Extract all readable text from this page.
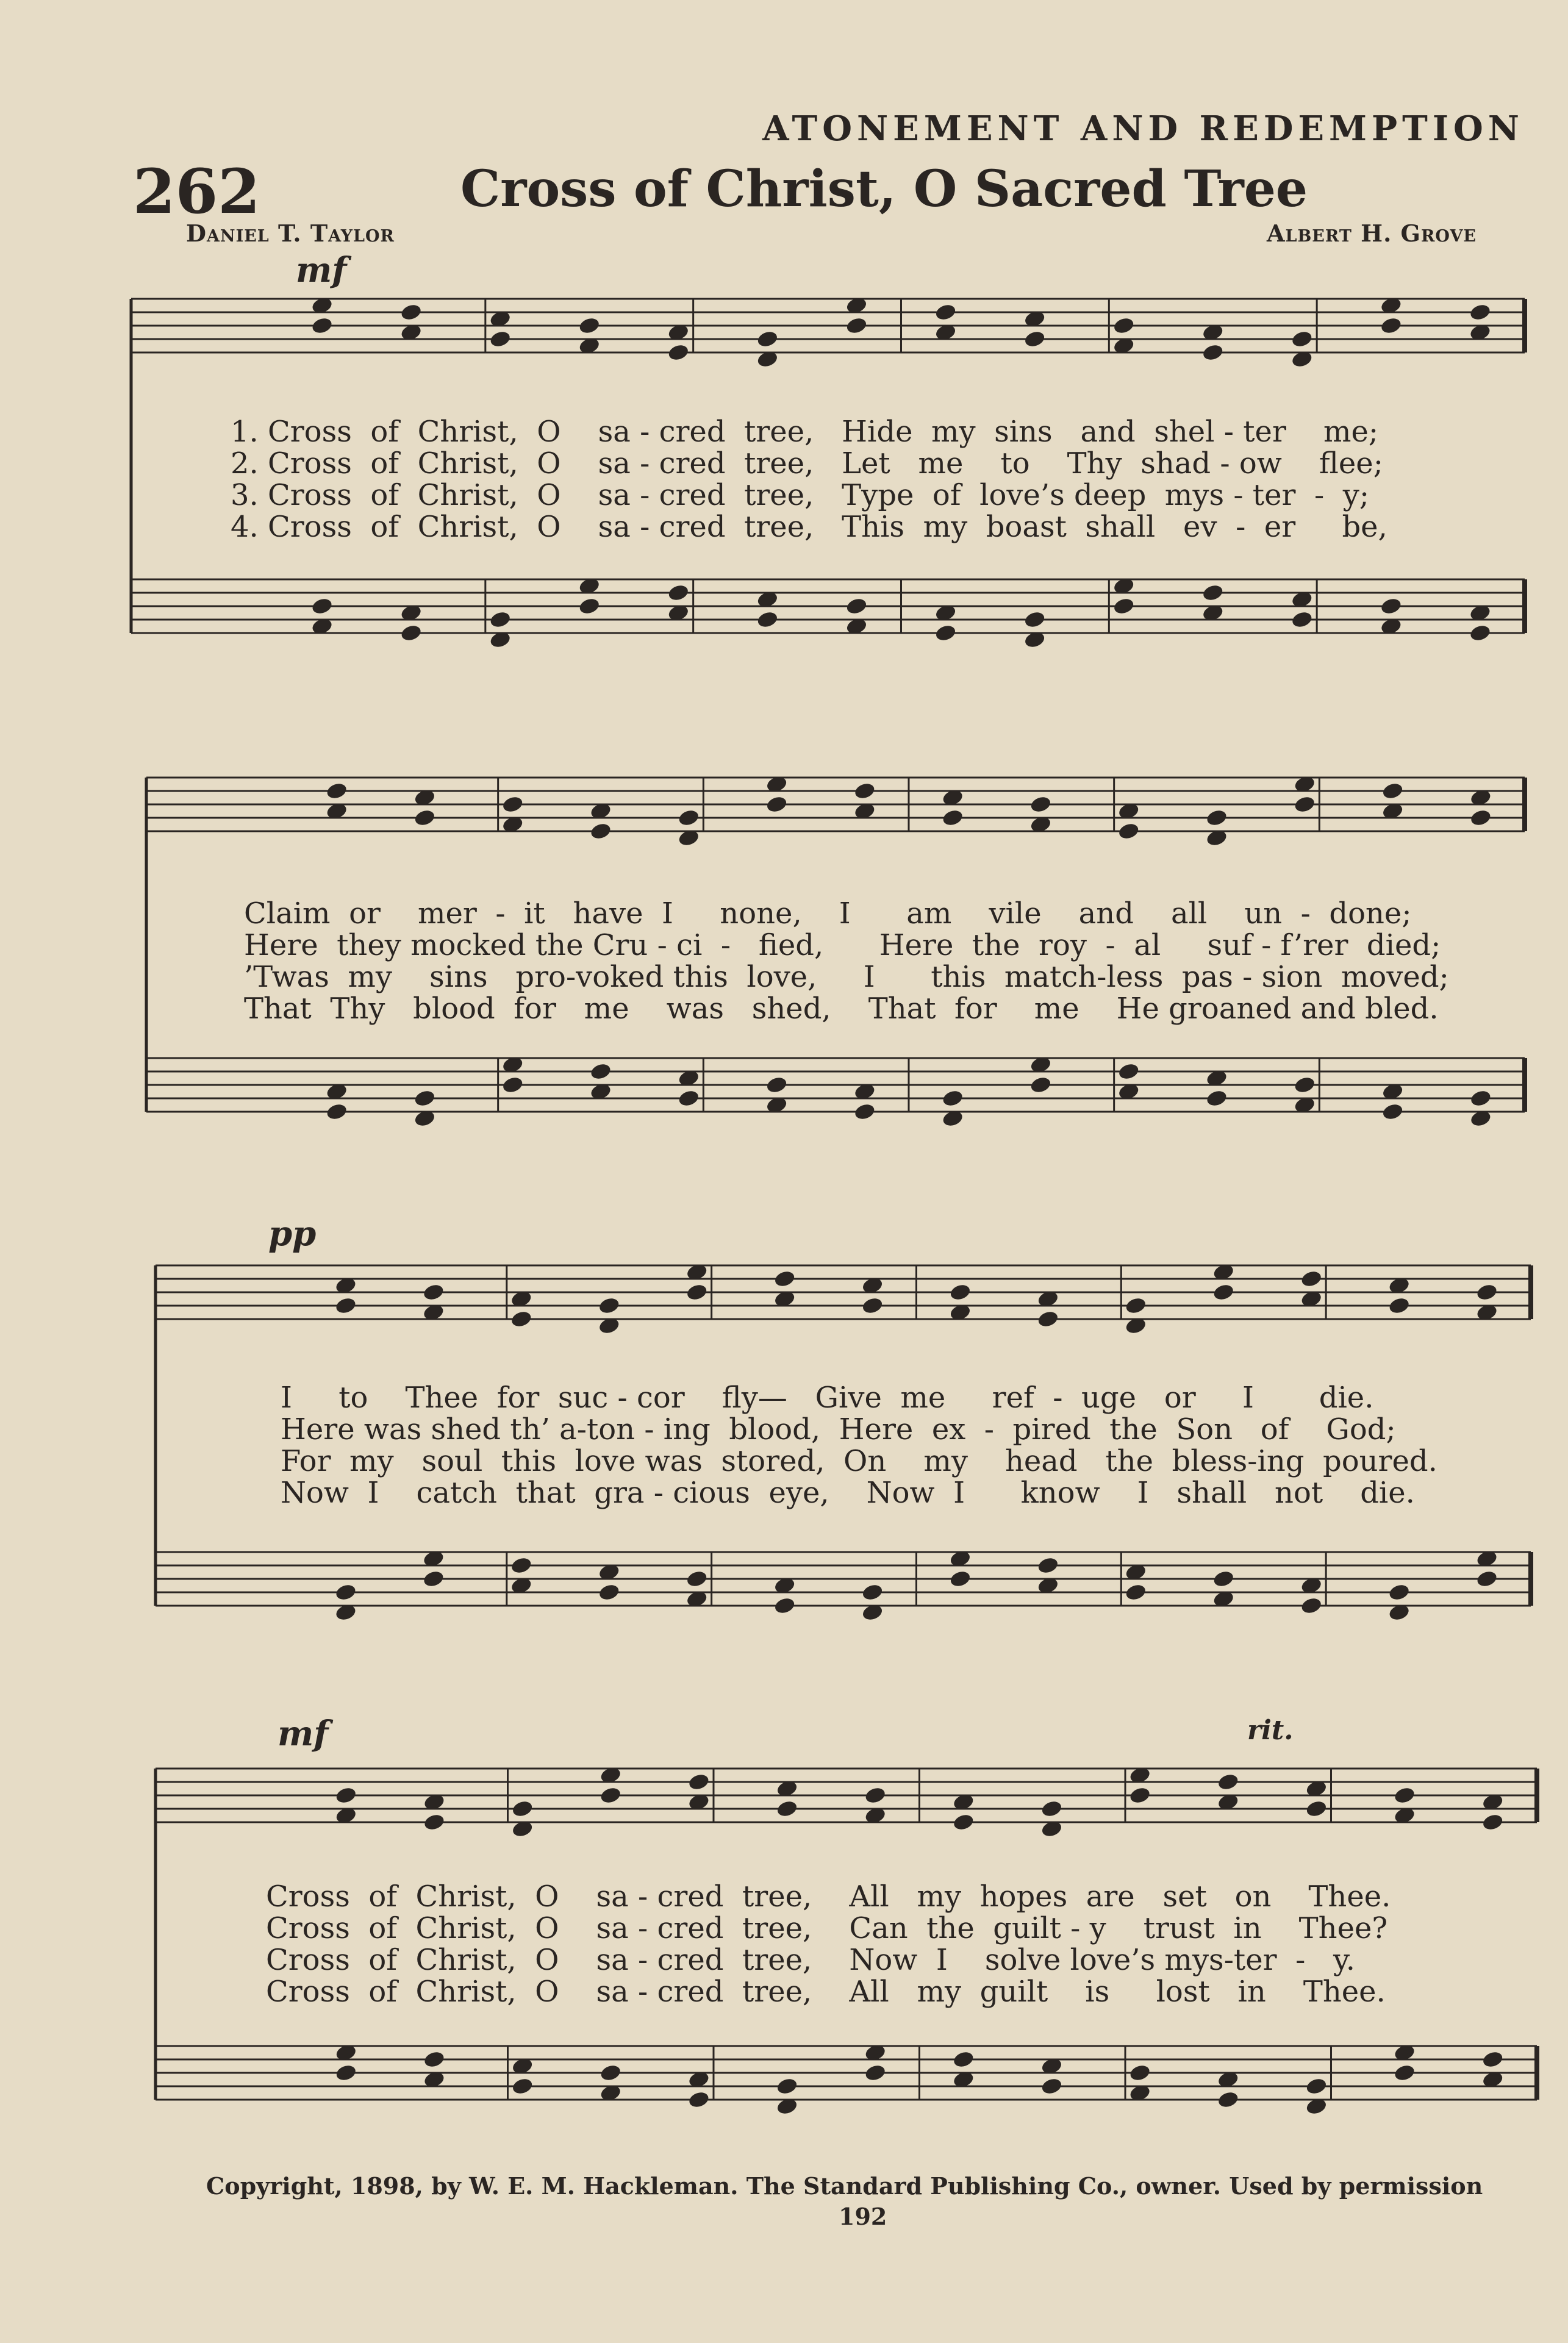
ATONEMENT AND REDEMPTION
262	Cross of Christ, O Sacred Tree
Daniel T. Taylor	Albert H. Grove
mf
pp
mf	rit.
1. Cross  of  Christ,  O    sa - cred  tree,   Hide  my  sins   and  shel - ter    me;
2. Cross  of  Christ,  O    sa - cred  tree,   Let   me    to    Thy  shad - ow    flee;
3. Cross  of  Christ,  O    sa - cred  tree,   Type  of  love’s deep  mys - ter  -  y;
4. Cross  of  Christ,  O    sa - cred  tree,   This  my  boast  shall   ev  -  er     be,
Claim  or    mer  -  it   have  I     none,    I      am    vile    and    all    un  -  done;
Here  they mocked the Cru - ci  -   fied,      Here  the  roy  -  al     suf - f’rer  died;
’Twas  my    sins   pro-voked this  love,     I      this  match-less  pas - sion  moved;
That  Thy   blood  for   me    was   shed,    That  for    me    He groaned and bled.
I     to    Thee  for  suc - cor    fly—   Give  me     ref  -  uge   or     I       die.
Here was shed th’ a-ton - ing  blood,  Here  ex  -  pired  the  Son   of    God;
For  my   soul  this  love was  stored,  On    my    head   the  bless-ing  poured.
Now  I    catch  that  gra - cious  eye,    Now  I      know    I   shall   not    die.
Cross  of  Christ,  O    sa - cred  tree,    All   my  hopes  are   set   on    Thee.
Cross  of  Christ,  O    sa - cred  tree,    Can  the  guilt - y    trust  in    Thee?
Cross  of  Christ,  O    sa - cred  tree,    Now  I    solve love’s mys-ter  -   y.
Cross  of  Christ,  O    sa - cred  tree,    All   my  guilt    is     lost   in    Thee.
Copyright, 1898, by W. E. M. Hackleman. The Standard Publishing Co., owner. Used by permission
192
